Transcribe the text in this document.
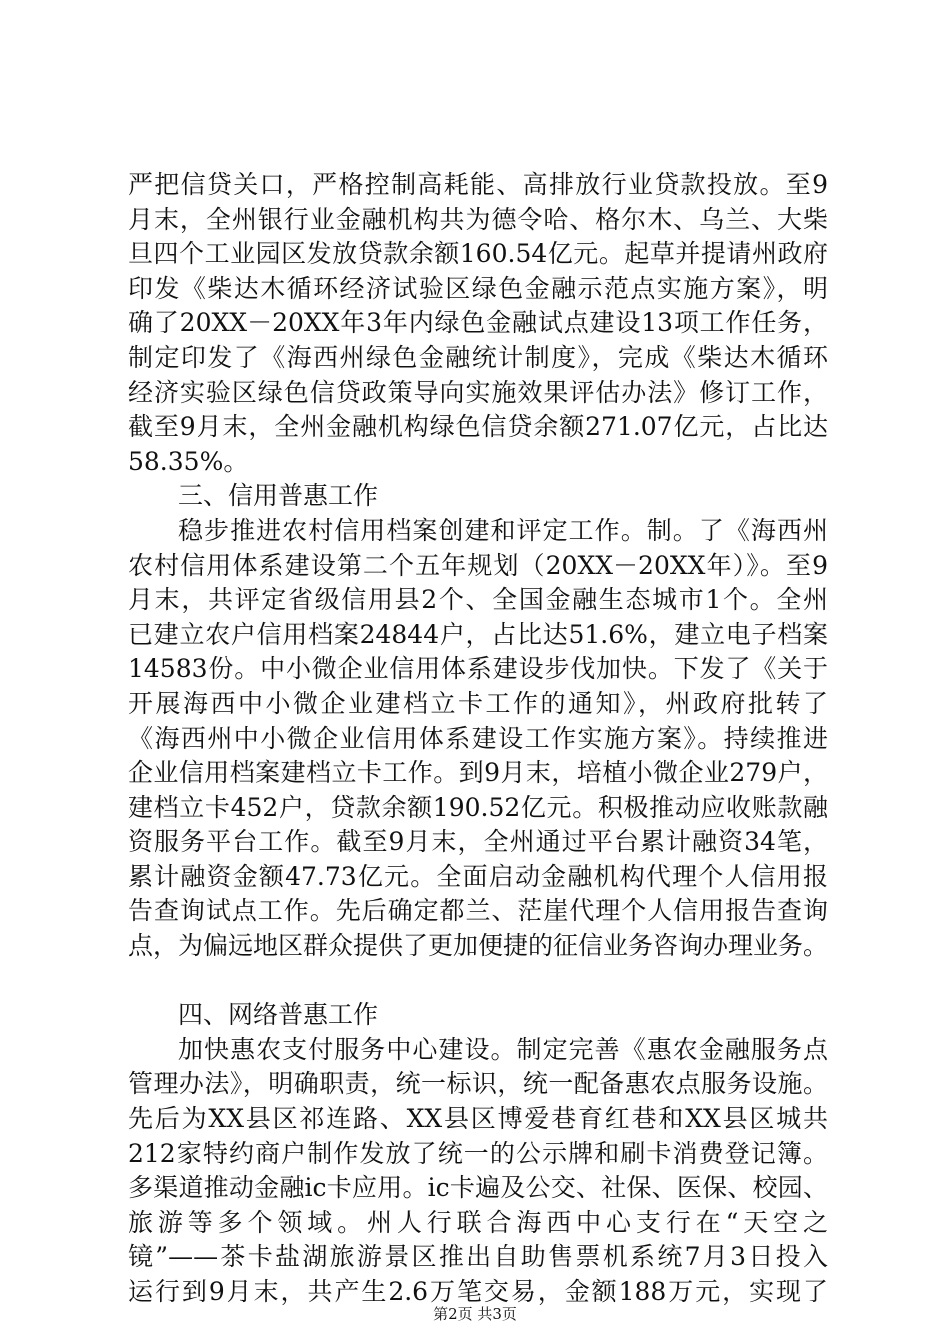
严把信贷关口，严格控制高耗能、高排放行业贷款投放。至9
月末，全州银行业金融机构共为德令哈、格尔木、乌兰、大柴
旦四个工业园区发放贷款余额160.54亿元。起草并提请州政府
印发《柴达木循环经济试验区绿色金融示范点实施方案》，明
确了20XX－20XX年3年内绿色金融试点建设13项工作任务，
制定印发了《海西州绿色金融统计制度》，完成《柴达木循环
经济实验区绿色信贷政策导向实施效果评估办法》修订工作，
截至9月末，全州金融机构绿色信贷余额271.07亿元，占比达
58.35%。
三、信用普惠工作
稳步推进农村信用档案创建和评定工作。制。了《海西州
农村信用体系建设第二个五年规划（20XX－20XX年）》。至9
月末，共评定省级信用县2个、全国金融生态城市1个。全州
已建立农户信用档案24844户，占比达51.6%，建立电子档案
14583份。中小微企业信用体系建设步伐加快。下发了《关于
开展海西中小微企业建档立卡工作的通知》，州政府批转了
《海西州中小微企业信用体系建设工作实施方案》。持续推进
企业信用档案建档立卡工作。到9月末，培植小微企业279户，
建档立卡452户，贷款余额190.52亿元。积极推动应收账款融
资服务平台工作。截至9月末，全州通过平台累计融资34笔，
累计融资金额47.73亿元。全面启动金融机构代理个人信用报
告查询试点工作。先后确定都兰、茫崖代理个人信用报告查询
点，为偏远地区群众提供了更加便捷的征信业务咨询办理业务。
四、网络普惠工作
加快惠农支付服务中心建设。制定完善《惠农金融服务点
管理办法》，明确职责，统一标识，统一配备惠农点服务设施。
先后为XX县区祁连路、XX县区博爱巷育红巷和XX县区城共
212家特约商户制作发放了统一的公示牌和刷卡消费登记簿。
多渠道推动金融ic卡应用。ic卡遍及公交、社保、医保、校园、
旅游等多个领域。州人行联合海西中心支行在“天空之
镜”——茶卡盐湖旅游景区推出自助售票机系统7月3日投入
运行到9月末，共产生2.6万笔交易，金额188万元，实现了
第2页 共3页
